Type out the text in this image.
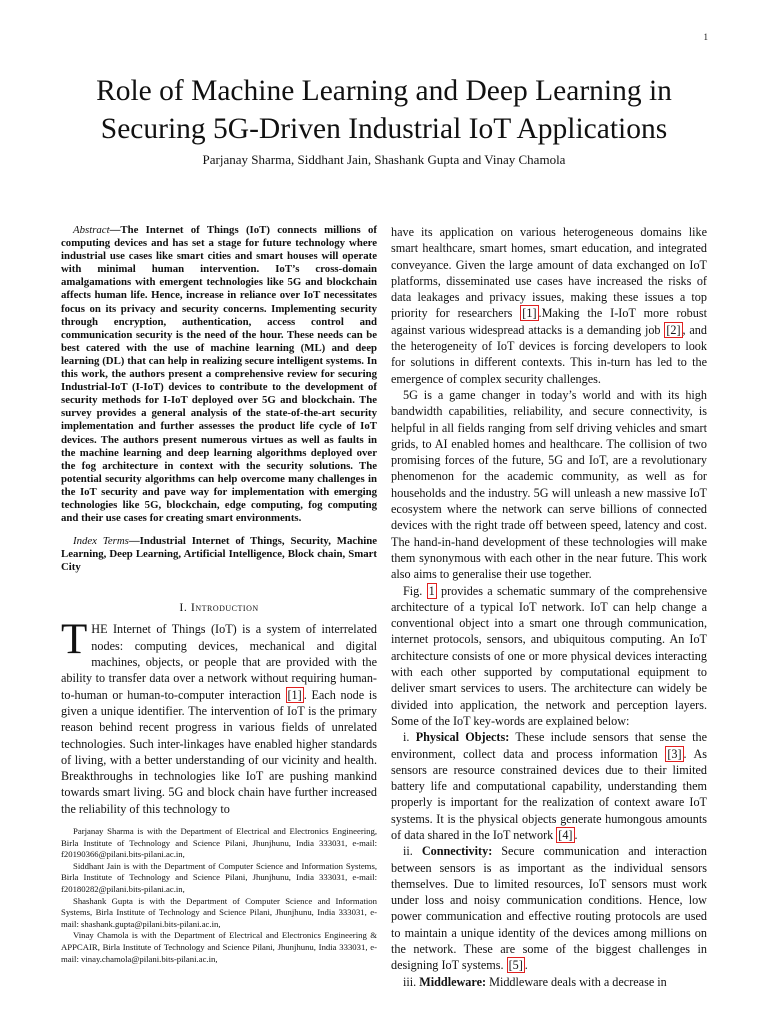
1
Role of Machine Learning and Deep Learning in Securing 5G-Driven Industrial IoT Applications
Parjanay Sharma, Siddhant Jain, Shashank Gupta and Vinay Chamola

Abstract—The Internet of Things (IoT) connects millions of computing devices and has set a stage for future technology where industrial use cases like smart cities and smart houses will operate with minimal human intervention. IoT’s cross-domain amalgamations with emergent technologies like 5G and blockchain affects human life. Hence, increase in reliance over IoT necessitates focus on its privacy and security concerns. Implementing security through encryption, authentication, access control and communication security is the need of the hour. These needs can be best catered with the use of machine learning (ML) and deep learning (DL) that can help in realizing secure intelligent systems. In this work, the authors present a comprehensive review for securing Industrial-IoT (I-IoT) devices to contribute to the development of security methods for I-IoT deployed over 5G and blockchain. The survey provides a general analysis of the state-of-the-art security implementation and further assesses the product life cycle of IoT devices. The authors present numerous virtues as well as faults in the machine learning and deep learning algorithms deployed over the fog architecture in context with the security solutions. The potential security algorithms can help overcome many challenges in the IoT security and pave way for implementation with emerging technologies like 5G, blockchain, edge computing, fog computing and their use cases for creating smart environments.

Index Terms—Industrial Internet of Things, Security, Machine Learning, Deep Learning, Artificial Intelligence, Block chain, Smart City

I. Introduction

THE Internet of Things (IoT) is a system of interrelated nodes: computing devices, mechanical and digital machines, objects, or people that are provided with the ability to transfer data over a network without requiring human-to-human or human-to-computer interaction [1] . Each node is given a unique identifier. The intervention of IoT is the primary reason behind recent progress in various fields of unrelated technologies. Such inter-linkages have enabled higher standards of living, with a better understanding of our vicinity and health. Breakthroughs in technologies like IoT are pushing mankind towards smart living. 5G and block chain have further increased the reliability of this technology to

Parjanay Sharma is with the Department of Electrical and Electronics Engineering, Birla Institute of Technology and Science Pilani, Jhunjhunu, India 333031, e-mail: f20190366@pilani.bits-pilani.ac.in,

Siddhant Jain is with the Department of Computer Science and Information Systems, Birla Institute of Technology and Science Pilani, Jhunjhunu, India 333031, e-mail: f20180282@pilani.bits-pilani.ac.in,

Shashank Gupta is with the Department of Computer Science and Information Systems, Birla Institute of Technology and Science Pilani, Jhunjhunu, India 333031, e-mail: shashank.gupta@pilani.bits-pilani.ac.in,

Vinay Chamola is with the Department of Electrical and Electronics Engineering & APPCAIR, Birla Institute of Technology and Science Pilani, Jhunjhunu, India 333031, e-mail: vinay.chamola@pilani.bits-pilani.ac.in,

have its application on various heterogeneous domains like smart healthcare, smart homes, smart education, and integrated conveyance. Given the large amount of data exchanged on IoT platforms, disseminated use cases have increased the risks of data leakages and privacy issues, making these issues a top priority for researchers [1] .Making the I-IoT more robust against various widespread attacks is a demanding job [2] , and the heterogeneity of IoT devices is forcing developers to look for solutions in different contexts. This in-turn has led to the emergence of complex security challenges.

5G is a game changer in today’s world and with its high bandwidth capabilities, reliability, and secure connectivity, is helpful in all fields ranging from self driving vehicles and smart grids, to AI enabled homes and healthcare. The collision of two promising forces of the future, 5G and IoT, are a revolutionary phenomenon for the academic community, as well as for households and the industry. 5G will unleash a new massive IoT ecosystem where the network can serve billions of connected devices with the right trade off between speed, latency and cost. The hand-in-hand development of these technologies will make them synonymous with each other in the near future. This work also aims to generalise their use together.

Fig. 1 provides a schematic summary of the comprehensive architecture of a typical IoT network. IoT can help change a conventional object into a smart one through communication, internet protocols, sensors, and ubiquitous computing. An IoT architecture consists of one or more physical devices interacting with each other supported by computational equipment to deliver smart services to users. The architecture can widely be divided into application, the network and perception layers. Some of the IoT key-words are explained below:

i. Physical Objects: These include sensors that sense the environment, collect data and process information [3] . As sensors are resource constrained devices due to their limited battery life and computational capability, understanding them properly is important for the realization of context aware IoT systems. It is the physical objects generate humongous amounts of data shared in the IoT network [4] .

ii. Connectivity: Secure communication and interaction between sensors is as important as the individual sensors themselves. Due to limited resources, IoT sensors must work under loss and noisy communication conditions. Hence, low power communication and effective routing protocols are used to maintain a unique identity of the devices among millions on the network. These are some of the biggest challenges in designing IoT systems. [5] .

iii. Middleware: Middleware deals with a decrease in
